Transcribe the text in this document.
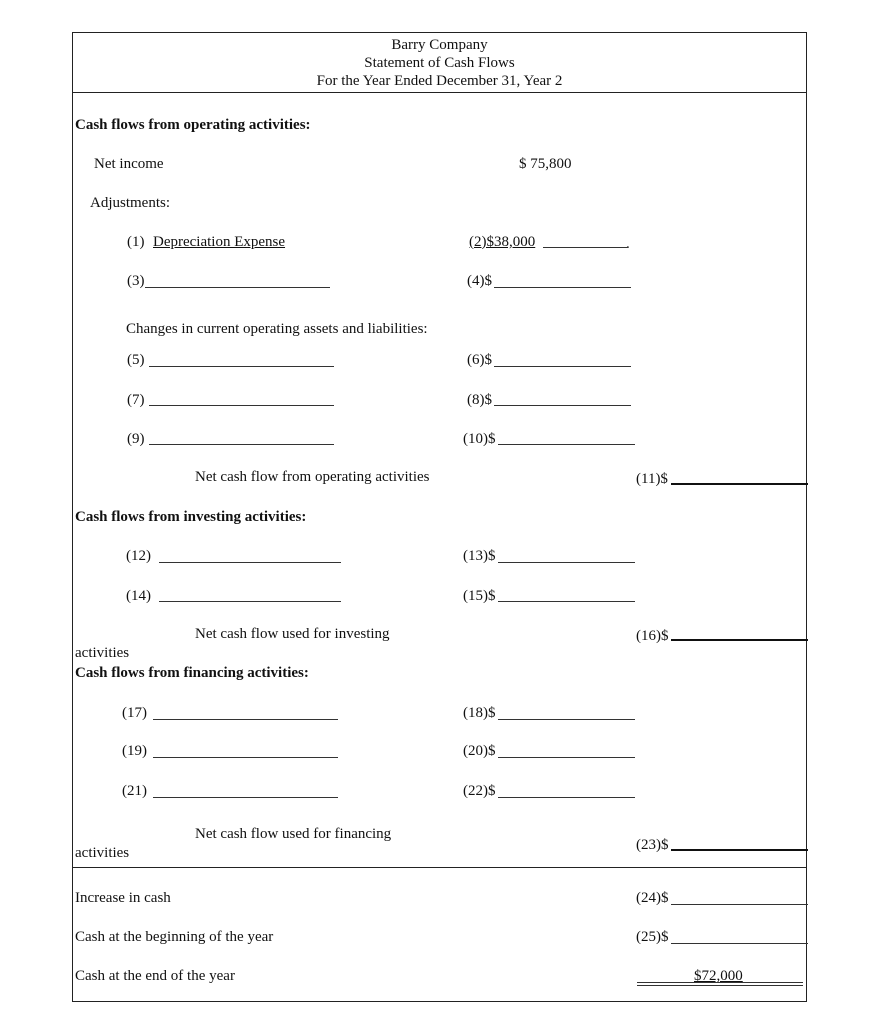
Barry Company
Statement of Cash Flows
For the Year Ended December 31, Year 2
Cash flows from operating activities:
Net income	$ 75,800
Adjustments:
(1) Depreciation Expense	(2)$38,000	.
(3)	(4)$
Changes in current operating assets and liabilities:
(5)	(6)$
(7)	(8)$
(9)	(10)$
Net cash flow from operating activities	(11)$
Cash flows from investing activities:
(12)	(13)$
(14)	(15)$
Net cash flow used for investing
activities
(16)$
Cash flows from financing activities:
(17)	(18)$
(19)	(20)$
(21)	(22)$
Net cash flow used for financing
activities	(23)$
Increase in cash	(24)$
Cash at the beginning of the year	(25)$
Cash at the end of the year	$72,000
